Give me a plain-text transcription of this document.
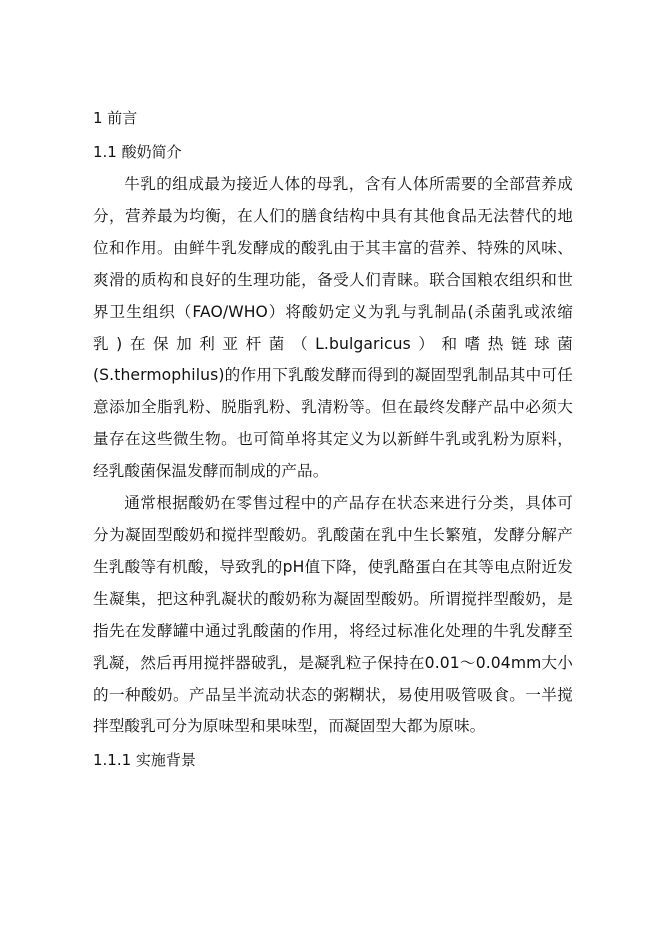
1 前言
1.1 酸奶简介

牛乳的组成最为接近人体的母乳，含有人体所需要的全部营养成分，营养最为均衡，在人们的膳食结构中具有其他食品无法替代的地位和作用。由鲜牛乳发酵成的酸乳由于其丰富的营养、特殊的风味、爽滑的质构和良好的生理功能，备受人们青睐。联合国粮农组织和世界卫生组织（FAO/WHO）将酸奶定义为乳与乳制品(杀菌乳或浓缩乳)在保加利亚杆菌（L.bulgaricus）和嗜热链球菌(S.thermophilus)的作用下乳酸发酵而得到的凝固型乳制品其中可任意添加全脂乳粉、脱脂乳粉、乳清粉等。但在最终发酵产品中必须大量存在这些微生物。也可简单将其定义为以新鲜牛乳或乳粉为原料，经乳酸菌保温发酵而制成的产品。

通常根据酸奶在零售过程中的产品存在状态来进行分类，具体可分为凝固型酸奶和搅拌型酸奶。乳酸菌在乳中生长繁殖，发酵分解产生乳酸等有机酸，导致乳的pH值下降，使乳酪蛋白在其等电点附近发生凝集，把这种乳凝状的酸奶称为凝固型酸奶。所谓搅拌型酸奶，是指先在发酵罐中通过乳酸菌的作用，将经过标准化处理的牛乳发酵至乳凝，然后再用搅拌器破乳，是凝乳粒子保持在0.01～0.04mm大小的一种酸奶。产品呈半流动状态的粥糊状，易使用吸管吸食。一半搅拌型酸乳可分为原味型和果味型，而凝固型大都为原味。

1.1.1 实施背景
